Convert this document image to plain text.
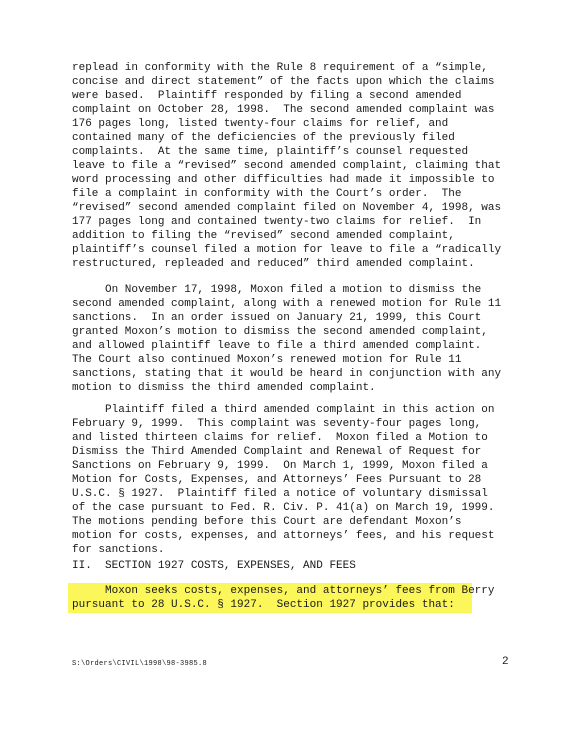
replead in conformity with the Rule 8 requirement of a “simple,
concise and direct statement” of the facts upon which the claims
were based.  Plaintiff responded by filing a second amended
complaint on October 28, 1998.  The second amended complaint was
176 pages long, listed twenty-four claims for relief, and
contained many of the deficiencies of the previously filed
complaints.  At the same time, plaintiff’s counsel requested
leave to file a “revised” second amended complaint, claiming that
word processing and other difficulties had made it impossible to
file a complaint in conformity with the Court’s order.  The
“revised” second amended complaint filed on November 4, 1998, was
177 pages long and contained twenty-two claims for relief.  In
addition to filing the “revised” second amended complaint,
plaintiff’s counsel filed a motion for leave to file a “radically
restructured, repleaded and reduced” third amended complaint.
On November 17, 1998, Moxon filed a motion to dismiss the
second amended complaint, along with a renewed motion for Rule 11
sanctions.  In an order issued on January 21, 1999, this Court
granted Moxon’s motion to dismiss the second amended complaint,
and allowed plaintiff leave to file a third amended complaint.
The Court also continued Moxon’s renewed motion for Rule 11
sanctions, stating that it would be heard in conjunction with any
motion to dismiss the third amended complaint.
Plaintiff filed a third amended complaint in this action on
February 9, 1999.  This complaint was seventy-four pages long,
and listed thirteen claims for relief.  Moxon filed a Motion to
Dismiss the Third Amended Complaint and Renewal of Request for
Sanctions on February 9, 1999.  On March 1, 1999, Moxon filed a
Motion for Costs, Expenses, and Attorneys’ Fees Pursuant to 28
U.S.C. § 1927.  Plaintiff filed a notice of voluntary dismissal
of the case pursuant to Fed. R. Civ. P. 41(a) on March 19, 1999.
The motions pending before this Court are defendant Moxon’s
motion for costs, expenses, and attorneys’ fees, and his request
for sanctions.
II.  SECTION 1927 COSTS, EXPENSES, AND FEES
Moxon seeks costs, expenses, and attorneys’ fees from Berry
pursuant to 28 U.S.C. § 1927.  Section 1927 provides that:
S:\Orders\CIVIL\1998\98-3985.8	2
